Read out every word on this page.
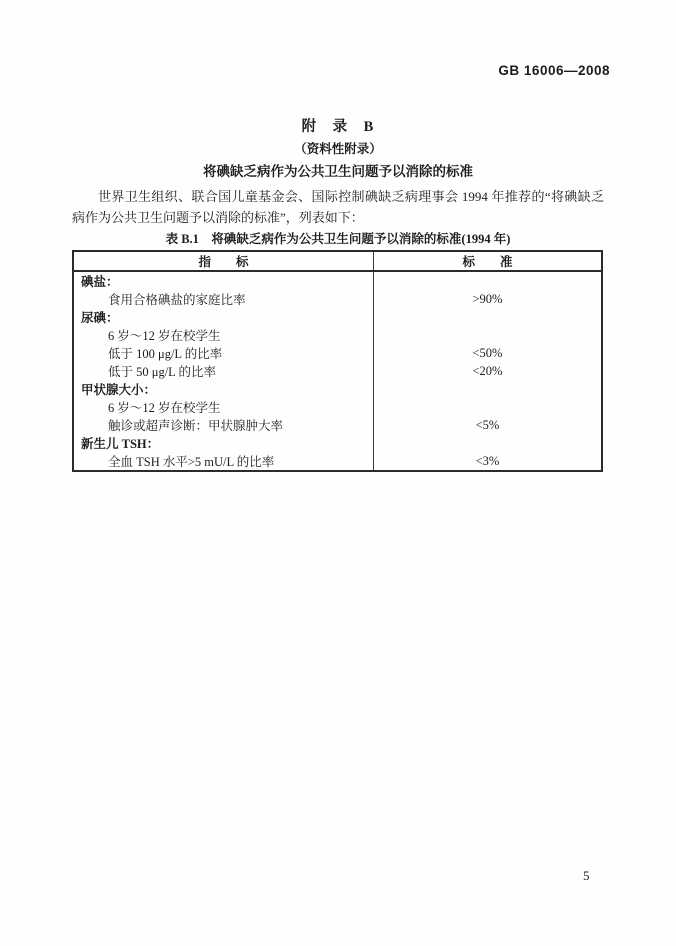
GB 16006—2008
附　录　B
（资料性附录）
将碘缺乏病作为公共卫生问题予以消除的标准

世界卫生组织、联合国儿童基金会、国际控制碘缺乏病理事会 1994 年推荐的“将碘缺乏病作为公共卫生问题予以消除的标准”，列表如下：

表 B.1　将碘缺乏病作为公共卫生问题予以消除的标准(1994 年)
指　　标	标　　准
碘盐：	
食用合格碘盐的家庭比率	>90%
尿碘：	
6 岁～12 岁在校学生	
低于 100 μg/L 的比率	<50%
低于 50 μg/L 的比率	<20%
甲状腺大小：	
6 岁～12 岁在校学生	
触诊或超声诊断：甲状腺肿大率	<5%
新生儿 TSH：	
全血 TSH 水平>5 mU/L 的比率	<3%
5
